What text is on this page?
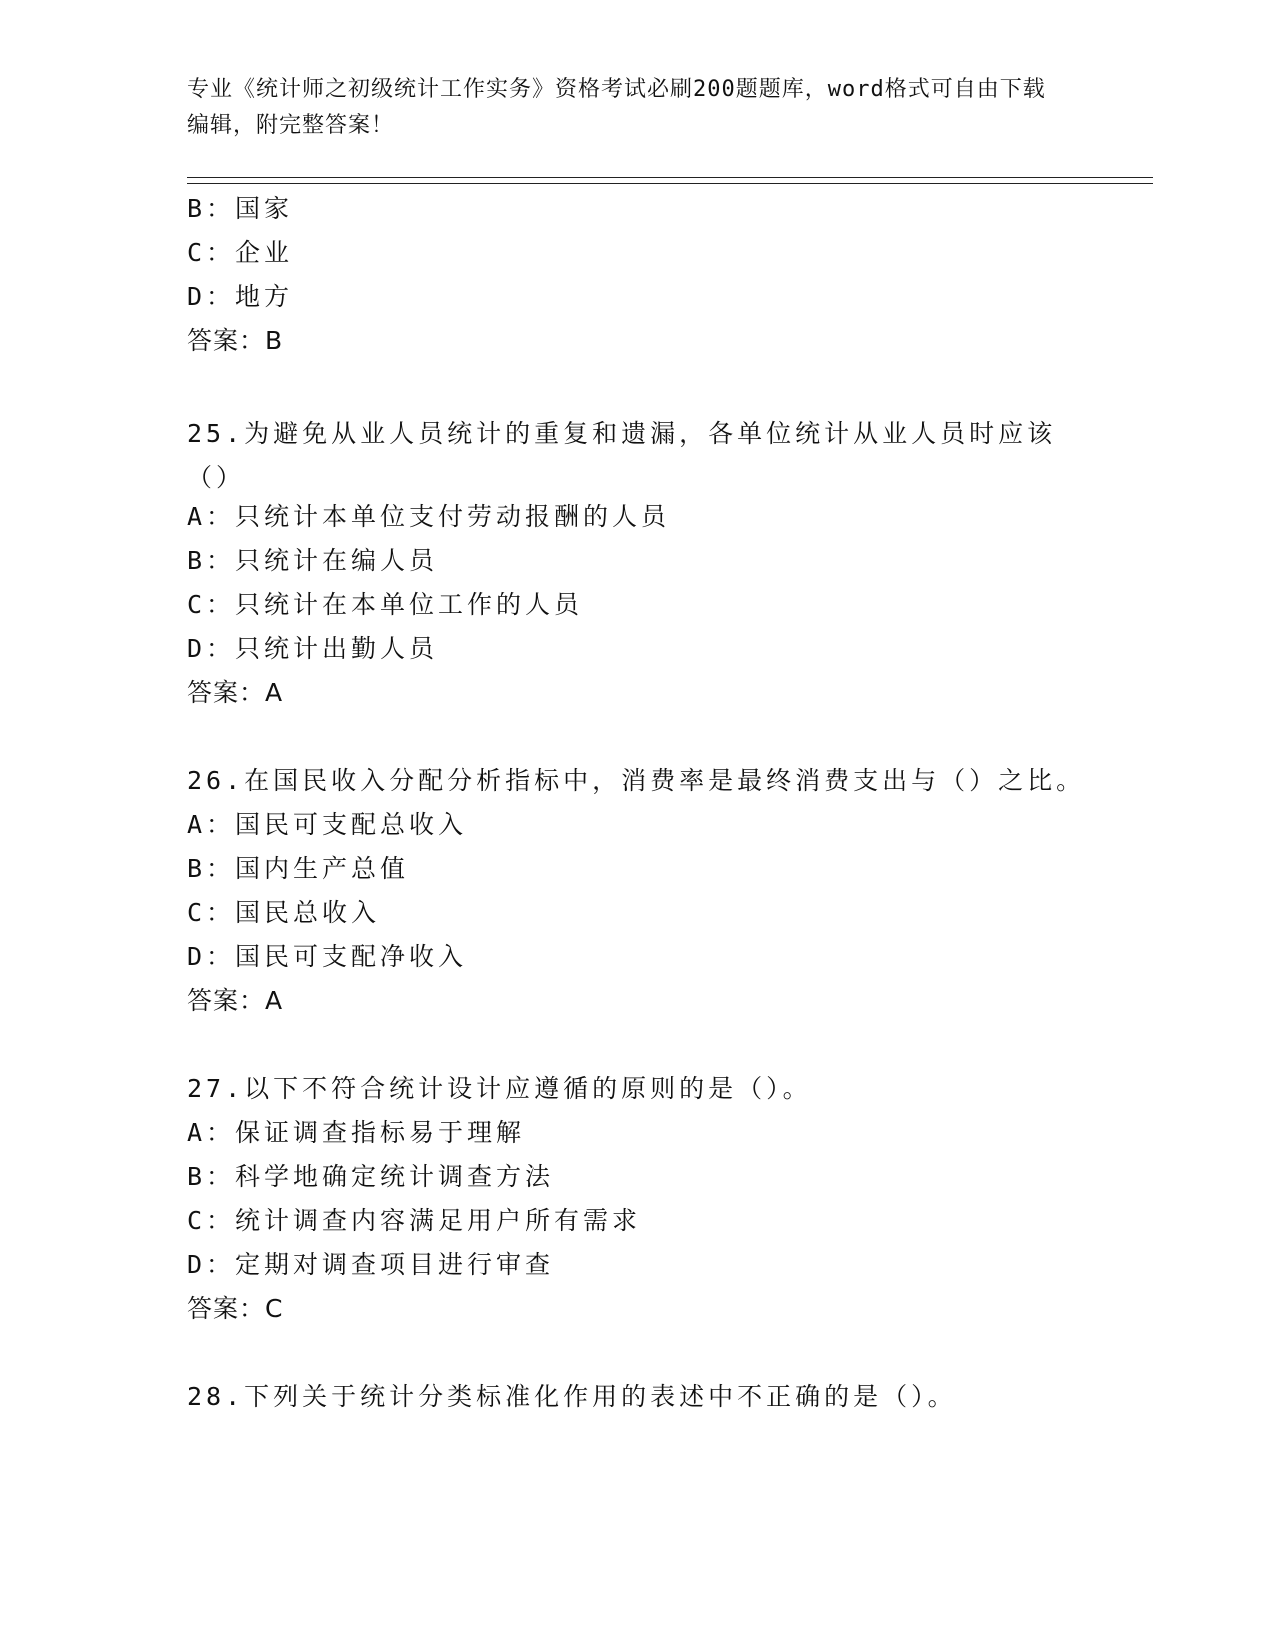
专业《统计师之初级统计工作实务》资格考试必刷200题题库，word格式可自由下载编辑，附完整答案！
B：国家
C：企业
D：地方
答案：B
25.为避免从业人员统计的重复和遗漏，各单位统计从业人员时应该（）
A：只统计本单位支付劳动报酬的人员
B：只统计在编人员
C：只统计在本单位工作的人员
D：只统计出勤人员
答案：A
26.在国民收入分配分析指标中，消费率是最终消费支出与（）之比。
A：国民可支配总收入
B：国内生产总值
C：国民总收入
D：国民可支配净收入
答案：A
27.以下不符合统计设计应遵循的原则的是（）。
A：保证调查指标易于理解
B：科学地确定统计调查方法
C：统计调查内容满足用户所有需求
D：定期对调查项目进行审查
答案：C
28.下列关于统计分类标准化作用的表述中不正确的是（）。
